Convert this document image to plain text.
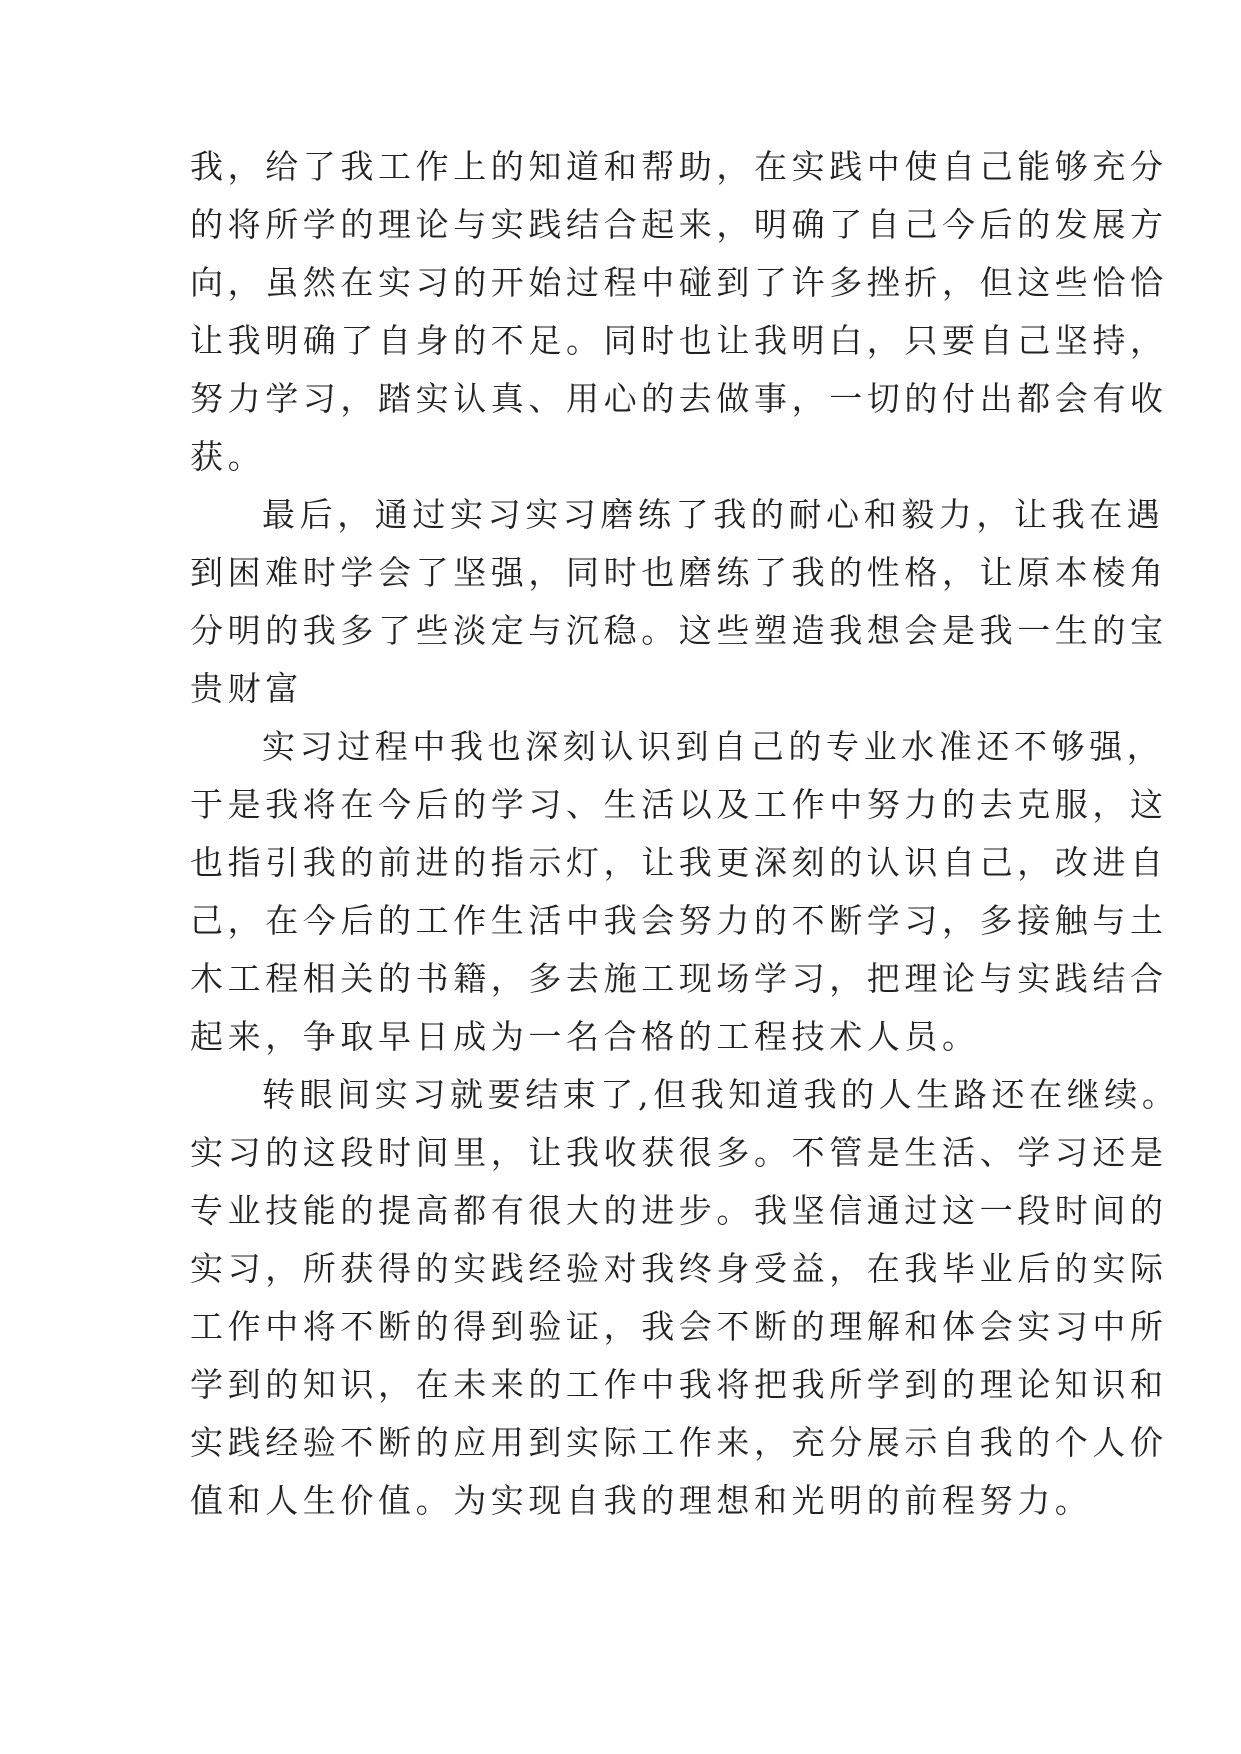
我，给了我工作上的知道和帮助，在实践中使自己能够充分
的将所学的理论与实践结合起来，明确了自己今后的发展方
向，虽然在实习的开始过程中碰到了许多挫折，但这些恰恰
让我明确了自身的不足。同时也让我明白，只要自己坚持，
努力学习，踏实认真、用心的去做事，一切的付出都会有收
获。
最后，通过实习实习磨练了我的耐心和毅力，让我在遇
到困难时学会了坚强，同时也磨练了我的性格，让原本棱角
分明的我多了些淡定与沉稳。这些塑造我想会是我一生的宝
贵财富
实习过程中我也深刻认识到自己的专业水准还不够强，
于是我将在今后的学习、生活以及工作中努力的去克服，这
也指引我的前进的指示灯，让我更深刻的认识自己，改进自
己，在今后的工作生活中我会努力的不断学习，多接触与土
木工程相关的书籍，多去施工现场学习，把理论与实践结合
起来，争取早日成为一名合格的工程技术人员。
转眼间实习就要结束了,但我知道我的人生路还在继续。
实习的这段时间里，让我收获很多。不管是生活、学习还是
专业技能的提高都有很大的进步。我坚信通过这一段时间的
实习，所获得的实践经验对我终身受益，在我毕业后的实际
工作中将不断的得到验证，我会不断的理解和体会实习中所
学到的知识，在未来的工作中我将把我所学到的理论知识和
实践经验不断的应用到实际工作来，充分展示自我的个人价
值和人生价值。为实现自我的理想和光明的前程努力。
